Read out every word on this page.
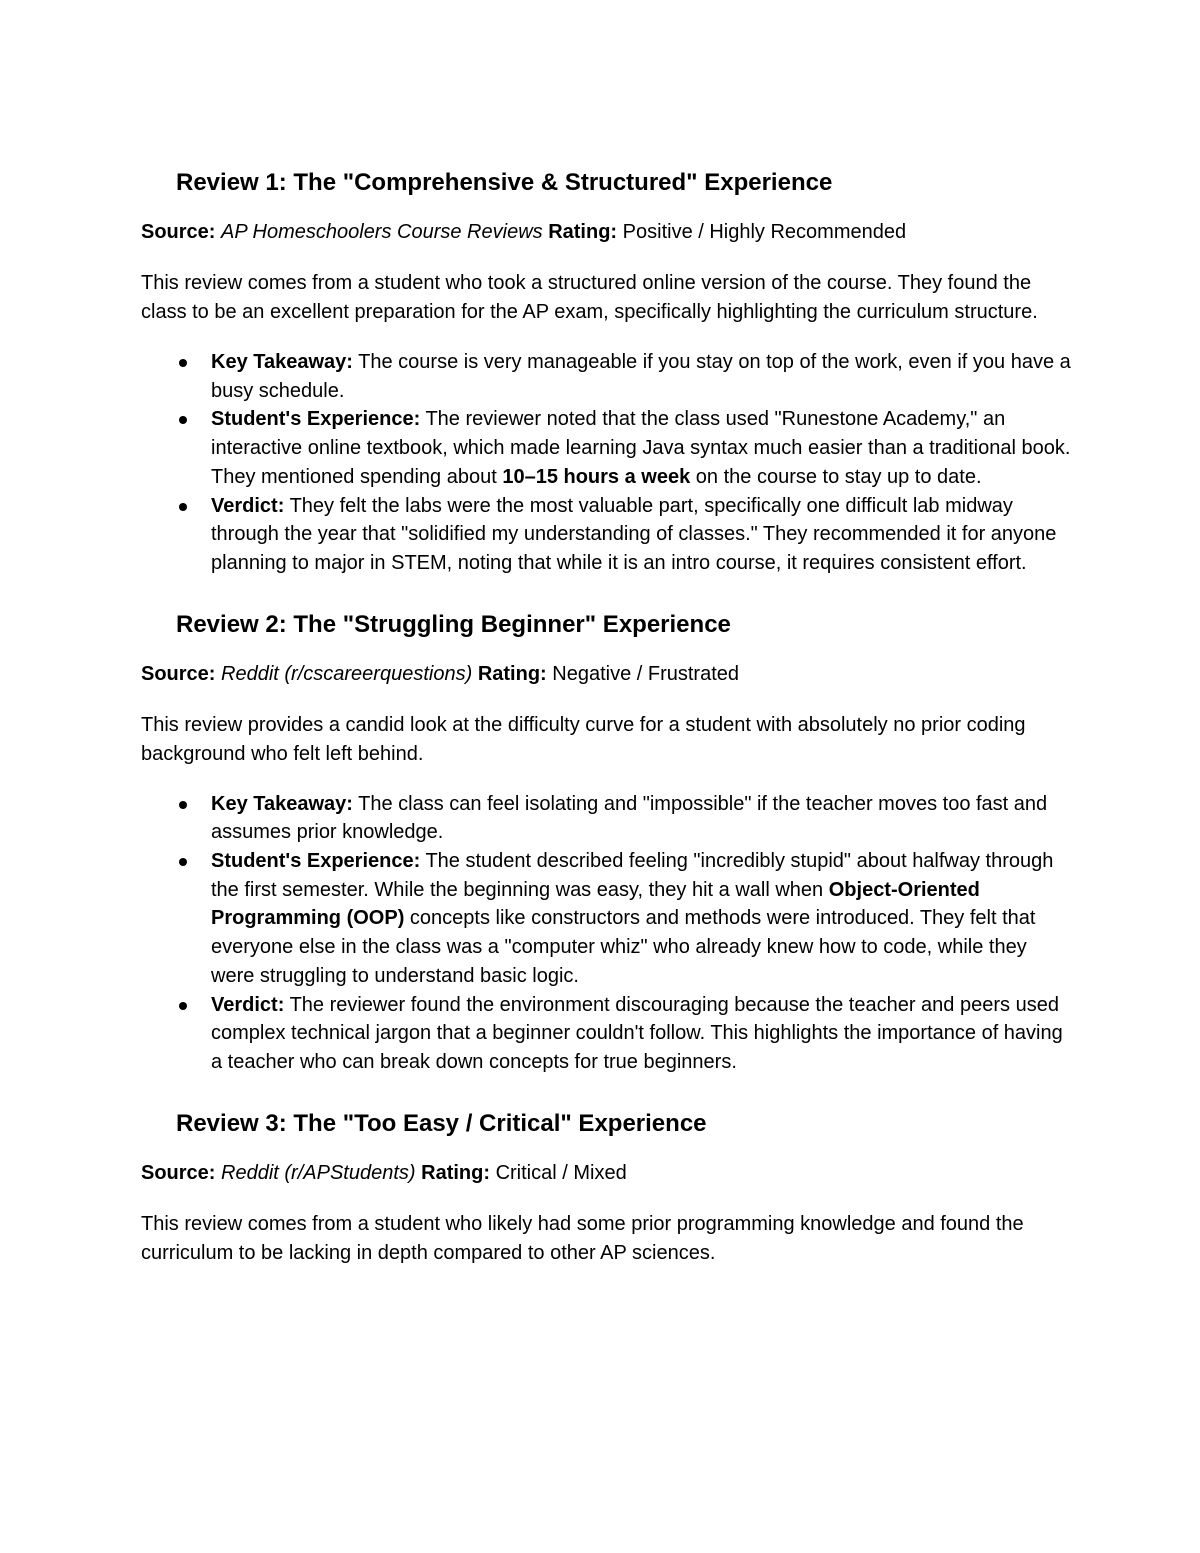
Review 1: The "Comprehensive & Structured" Experience

Source: AP Homeschoolers Course Reviews Rating: Positive / Highly Recommended

This review comes from a student who took a structured online version of the course. They found the class to be an excellent preparation for the AP exam, specifically highlighting the curriculum structure.

Key Takeaway: The course is very manageable if you stay on top of the work, even if you have a busy schedule.
Student's Experience: The reviewer noted that the class used "Runestone Academy," an interactive online textbook, which made learning Java syntax much easier than a traditional book. They mentioned spending about 10–15 hours a week on the course to stay up to date.
Verdict: They felt the labs were the most valuable part, specifically one difficult lab midway through the year that "solidified my understanding of classes." They recommended it for anyone planning to major in STEM, noting that while it is an intro course, it requires consistent effort.
Review 2: The "Struggling Beginner" Experience

Source: Reddit (r/cscareerquestions) Rating: Negative / Frustrated

This review provides a candid look at the difficulty curve for a student with absolutely no prior coding background who felt left behind.

Key Takeaway: The class can feel isolating and "impossible" if the teacher moves too fast and assumes prior knowledge.
Student's Experience: The student described feeling "incredibly stupid" about halfway through the first semester. While the beginning was easy, they hit a wall when Object-Oriented Programming (OOP) concepts like constructors and methods were introduced. They felt that everyone else in the class was a "computer whiz" who already knew how to code, while they were struggling to understand basic logic.
Verdict: The reviewer found the environment discouraging because the teacher and peers used complex technical jargon that a beginner couldn't follow. This highlights the importance of having a teacher who can break down concepts for true beginners.
Review 3: The "Too Easy / Critical" Experience

Source: Reddit (r/APStudents) Rating: Critical / Mixed

This review comes from a student who likely had some prior programming knowledge and found the curriculum to be lacking in depth compared to other AP sciences.
